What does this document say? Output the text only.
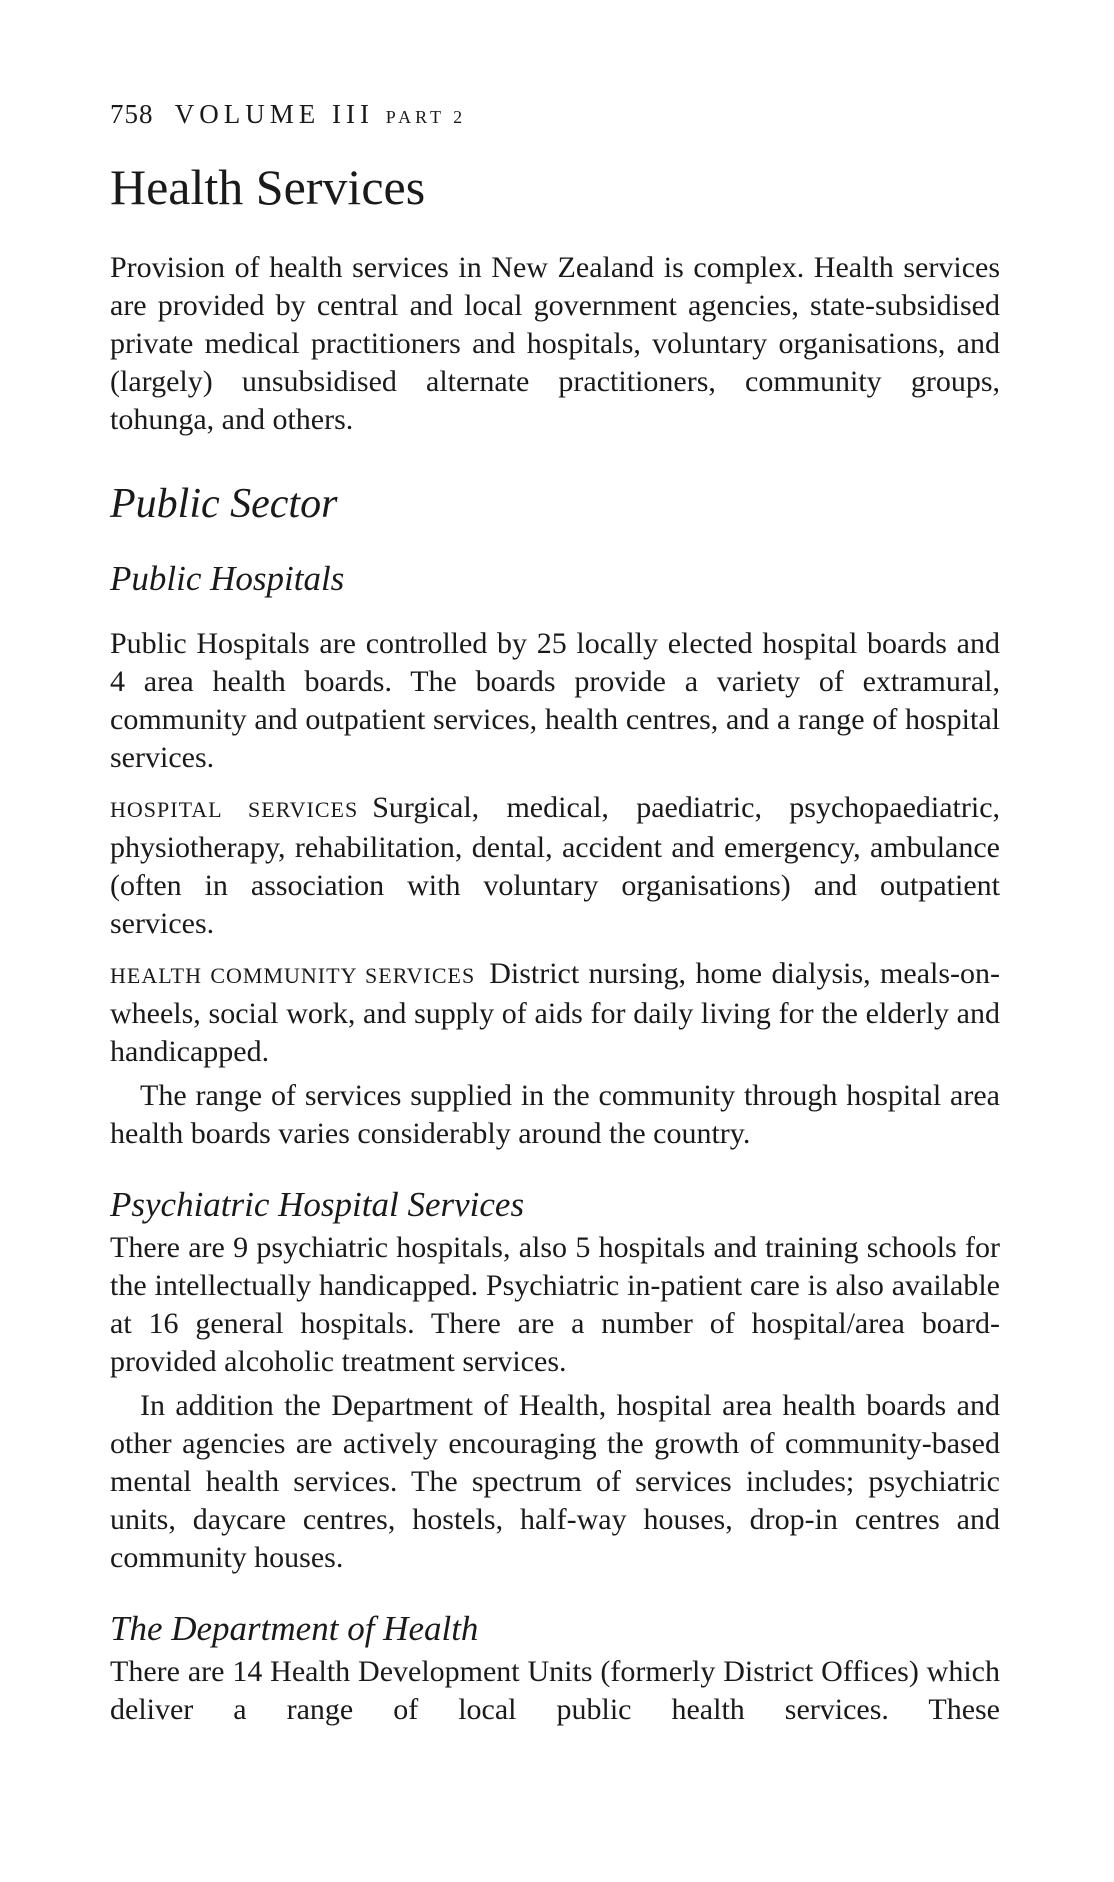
758 VOLUME III PART 2
Health Services

Provision of health services in New Zealand is complex. Health services are provided by central and local government agencies, state-subsidised private medical practitioners and hospitals, voluntary organisations, and (largely) unsubsidised alternate practitioners, community groups, tohunga, and others.

Public Sector
Public Hospitals

Public Hospitals are controlled by 25 locally elected hospital boards and 4 area health boards. The boards provide a variety of extramural, community and outpatient services, health centres, and a range of hospital services.

HOSPITAL SERVICES Surgical, medical, paediatric, psychopaediatric, physiotherapy, rehabilitation, dental, accident and emergency, ambulance (often in association with voluntary organisations) and outpatient services.

HEALTH COMMUNITY SERVICES District nursing, home dialysis, meals-on-wheels, social work, and supply of aids for daily living for the elderly and handicapped.

The range of services supplied in the community through hospital area health boards varies considerably around the country.

Psychiatric Hospital Services

There are 9 psychiatric hospitals, also 5 hospitals and training schools for the intellectually handicapped. Psychiatric in-patient care is also available at 16 general hospitals. There are a number of hospital/area board-provided alcoholic treatment services.

In addition the Department of Health, hospital area health boards and other agencies are actively encouraging the growth of community-based mental health services. The spectrum of services includes; psychiatric units, daycare centres, hostels, half-way houses, drop-in centres and community houses.

The Department of Health

There are 14 Health Development Units (formerly District Offices) which deliver a range of local public health services. These
